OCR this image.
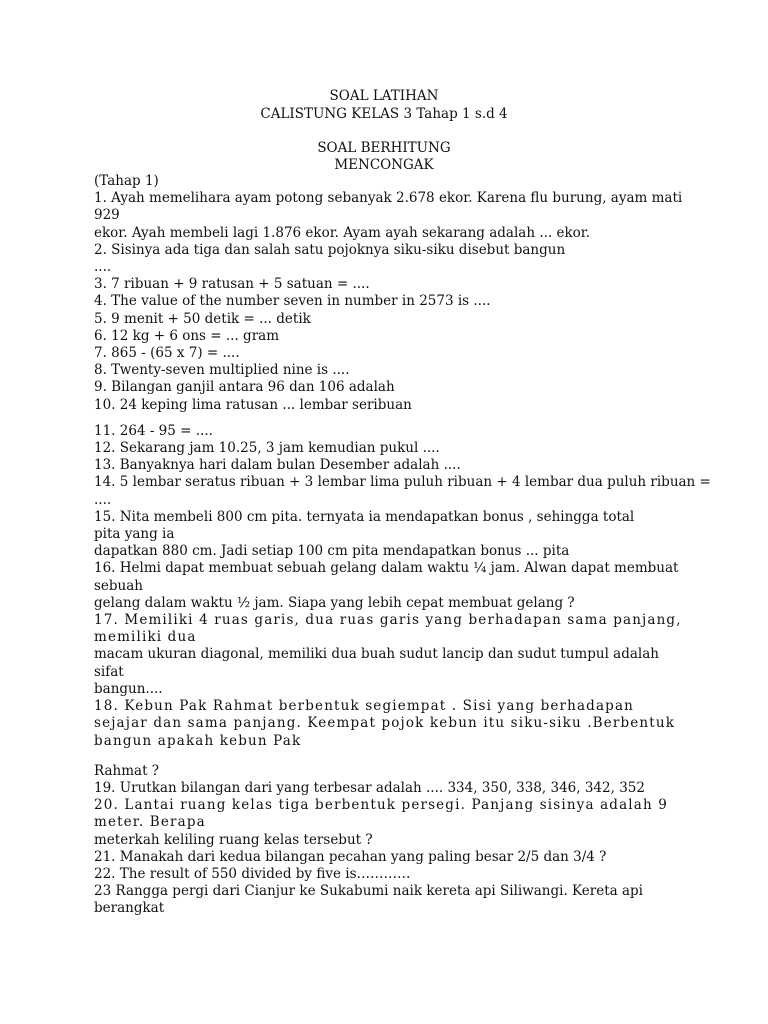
SOAL LATIHAN
CALISTUNG KELAS 3 Tahap 1 s.d 4
SOAL BERHITUNG
MENCONGAK
(Tahap 1)
1. Ayah memelihara ayam potong sebanyak 2.678 ekor. Karena flu burung, ayam mati
929
ekor. Ayah membeli lagi 1.876 ekor. Ayam ayah sekarang adalah ... ekor.
2. Sisinya ada tiga dan salah satu pojoknya siku-siku disebut bangun
....
3. 7 ribuan + 9 ratusan + 5 satuan = ....
4. The value of the number seven in number in 2573 is ....
5. 9 menit + 50 detik = ... detik
6. 12 kg + 6 ons = ... gram
7. 865 - (65 x 7) = ....
8. Twenty-seven multiplied nine is ....
9. Bilangan ganjil antara 96 dan 106 adalah
10. 24 keping lima ratusan ... lembar seribuan
11. 264 - 95 = ....
12. Sekarang jam 10.25, 3 jam kemudian pukul ....
13. Banyaknya hari dalam bulan Desember adalah ....
14. 5 lembar seratus ribuan + 3 lembar lima puluh ribuan + 4 lembar dua puluh ribuan =
....
15. Nita membeli 800 cm pita. ternyata ia mendapatkan bonus , sehingga total
pita yang ia
dapatkan 880 cm. Jadi setiap 100 cm pita mendapatkan bonus ... pita
16. Helmi dapat membuat sebuah gelang dalam waktu ¼ jam. Alwan dapat membuat
sebuah
gelang dalam waktu ½ jam. Siapa yang lebih cepat membuat gelang ?
17. Memiliki 4 ruas garis, dua ruas garis yang berhadapan sama panjang,
memiliki dua
macam ukuran diagonal, memiliki dua buah sudut lancip dan sudut tumpul adalah
sifat
bangun....
18. Kebun Pak Rahmat berbentuk segiempat . Sisi yang berhadapan
sejajar dan sama panjang. Keempat pojok kebun itu siku-siku .Berbentuk
bangun apakah kebun Pak
Rahmat ?
19. Urutkan bilangan dari yang terbesar adalah .... 334, 350, 338, 346, 342, 352
20. Lantai ruang kelas tiga berbentuk persegi. Panjang sisinya adalah 9
meter. Berapa
meterkah keliling ruang kelas tersebut ?
21. Manakah dari kedua bilangan pecahan yang paling besar 2/5 dan 3/4 ?
22. The result of 550 divided by five is…………
23 Rangga pergi dari Cianjur ke Sukabumi naik kereta api Siliwangi. Kereta api
berangkat
